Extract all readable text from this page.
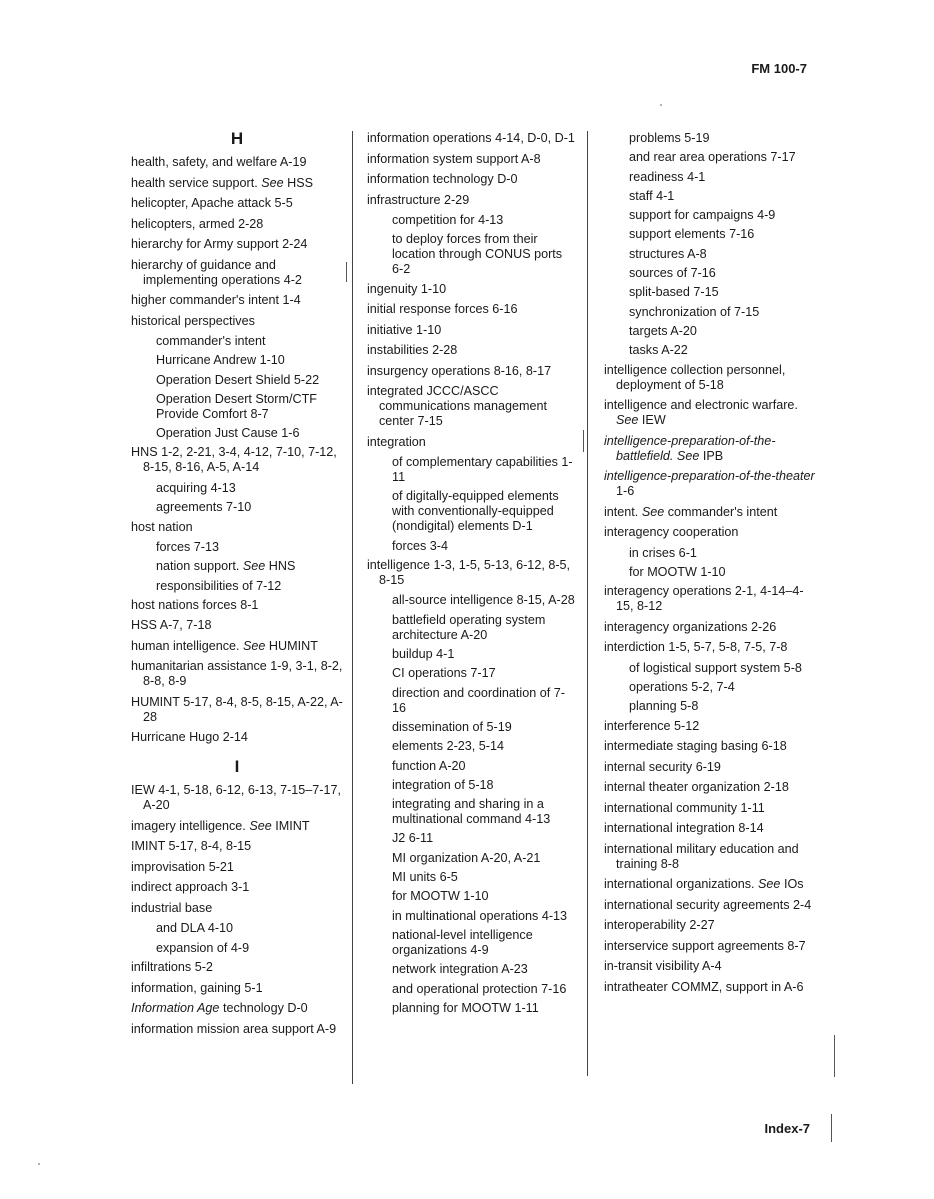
FM 100-7
H
health, safety, and welfare A-19
health service support. See HSS
helicopter, Apache attack 5-5
helicopters, armed 2-28
hierarchy for Army support 2-24
hierarchy of guidance and implementing operations 4-2
higher commander's intent 1-4
historical perspectives
commander's intent
Hurricane Andrew 1-10
Operation Desert Shield 5-22
Operation Desert Storm/CTF Provide Comfort 8-7
Operation Just Cause 1-6
HNS 1-2, 2-21, 3-4, 4-12, 7-10, 7-12, 8-15, 8-16, A-5, A-14
acquiring 4-13
agreements 7-10
host nation
forces 7-13
nation support. See HNS
responsibilities of 7-12
host nations forces 8-1
HSS A-7, 7-18
human intelligence. See HUMINT
humanitarian assistance 1-9, 3-1, 8-2, 8-8, 8-9
HUMINT 5-17, 8-4, 8-5, 8-15, A-22, A-28
Hurricane Hugo 2-14
I
IEW 4-1, 5-18, 6-12, 6-13, 7-15–7-17, A-20
imagery intelligence. See IMINT
IMINT 5-17, 8-4, 8-15
improvisation 5-21
indirect approach 3-1
industrial base
and DLA 4-10
expansion of 4-9
infiltrations 5-2
information, gaining 5-1
Information Age technology D-0
information mission area support A-9
information operations 4-14, D-0, D-1
information system support A-8
information technology D-0
infrastructure 2-29
competition for 4-13
to deploy forces from their location through CONUS ports 6-2
ingenuity 1-10
initial response forces 6-16
initiative 1-10
instabilities 2-28
insurgency operations 8-16, 8-17
integrated JCCC/ASCC communications management center 7-15
integration
of complementary capabilities 1-11
of digitally-equipped elements with conventionally-equipped (nondigital) elements D-1
forces 3-4
intelligence 1-3, 1-5, 5-13, 6-12, 8-5, 8-15
all-source intelligence 8-15, A-28
battlefield operating system architecture A-20
buildup 4-1
CI operations 7-17
direction and coordination of 7-16
dissemination of 5-19
elements 2-23, 5-14
function A-20
integration of 5-18
integrating and sharing in a multinational command 4-13
J2 6-11
MI organization A-20, A-21
MI units 6-5
for MOOTW 1-10
in multinational operations 4-13
national-level intelligence organizations 4-9
network integration A-23
and operational protection 7-16
planning for MOOTW 1-11
problems 5-19
and rear area operations 7-17
readiness 4-1
staff 4-1
support for campaigns 4-9
support elements 7-16
structures A-8
sources of 7-16
split-based 7-15
synchronization of 7-15
targets A-20
tasks A-22
intelligence collection personnel, deployment of 5-18
intelligence and electronic warfare. See IEW
intelligence-preparation-of-the-battlefield. See IPB
intelligence-preparation-of-the-theater 1-6
intent. See commander's intent
interagency cooperation
in crises 6-1
for MOOTW 1-10
interagency operations 2-1, 4-14–4-15, 8-12
interagency organizations 2-26
interdiction 1-5, 5-7, 5-8, 7-5, 7-8
of logistical support system 5-8
operations 5-2, 7-4
planning 5-8
interference 5-12
intermediate staging basing 6-18
internal security 6-19
internal theater organization 2-18
international community 1-11
international integration 8-14
international military education and training 8-8
international organizations. See IOs
international security agreements 2-4
interoperability 2-27
interservice support agreements 8-7
in-transit visibility A-4
intratheater COMMZ, support in A-6
Index-7
